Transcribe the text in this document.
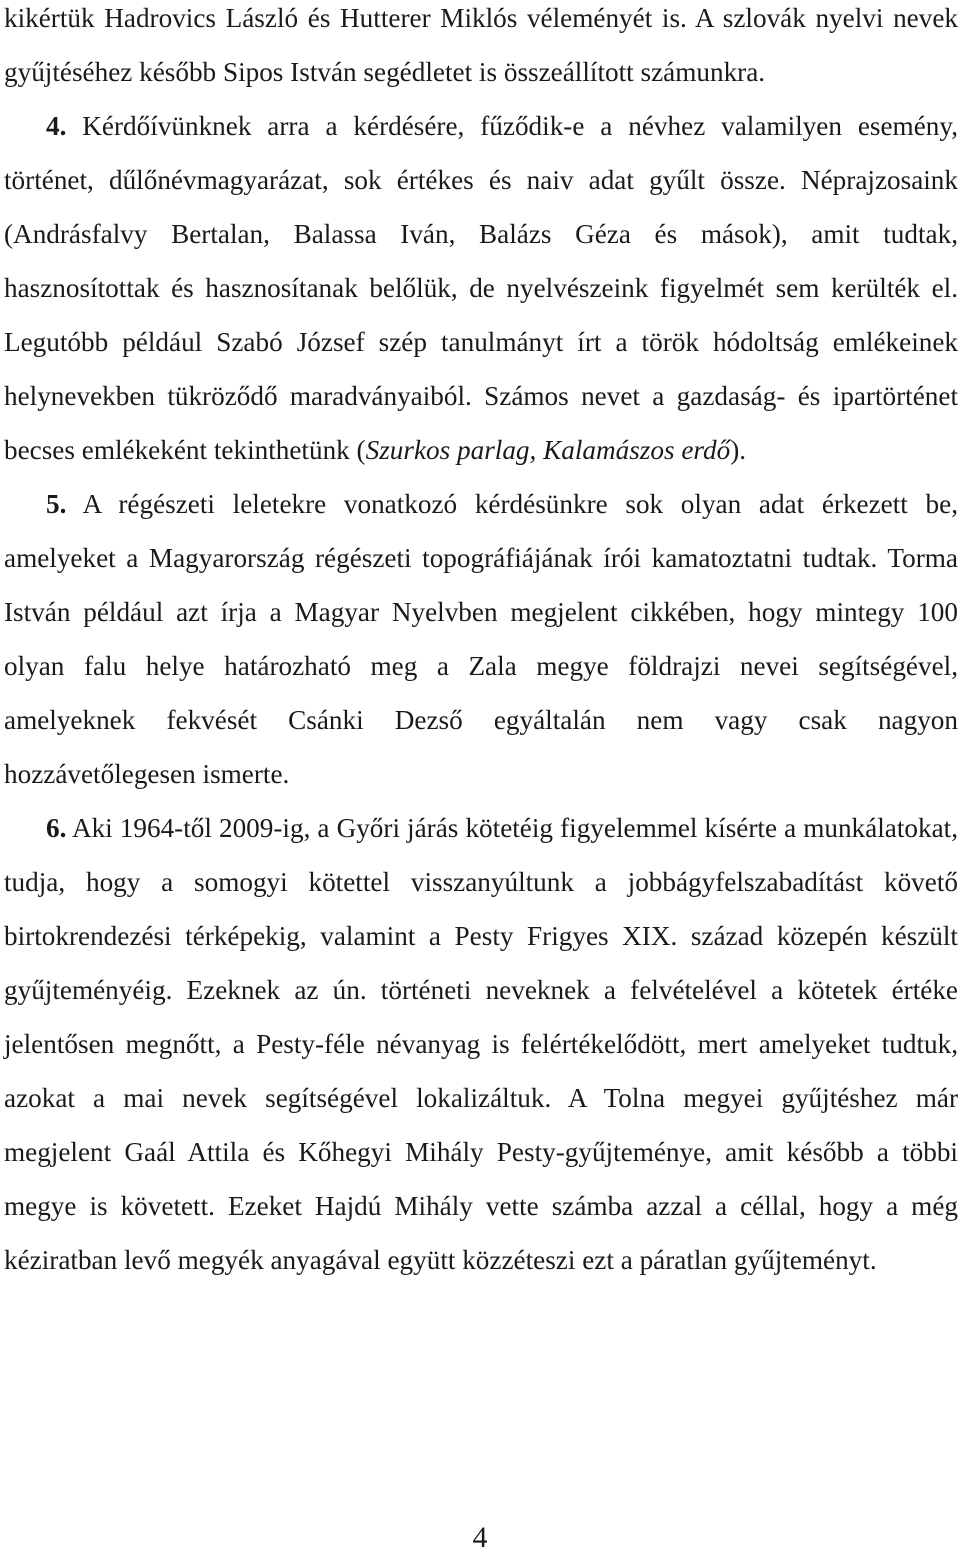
kikértük Hadrovics László és Hutterer Miklós véleményét is. A szlovák nyelvi nevek gyűjtéséhez később Sipos István segédletet is összeállított számunkra.

4. Kérdőívünknek arra a kérdésére, fűződik-e a névhez valamilyen esemény, történet, dűlőnévmagyarázat, sok értékes és naiv adat gyűlt össze. Néprajzosaink (Andrásfalvy Bertalan, Balassa Iván, Balázs Géza és mások), amit tudtak, hasznosítottak és hasznosítanak belőlük, de nyelvészeink figyelmét sem kerülték el. Legutóbb például Szabó József szép tanulmányt írt a török hódoltság emlékeinek helynevekben tükröződő maradványaiból. Számos nevet a gazdaság- és ipartörténet becses emlékeként tekinthetünk (Szurkos parlag, Kalamászos erdő).

5. A régészeti leletekre vonatkozó kérdésünkre sok olyan adat érkezett be, amelyeket a Magyarország régészeti topográfiájának írói kamatoztatni tudtak. Torma István például azt írja a Magyar Nyelvben megjelent cikkében, hogy mintegy 100 olyan falu helye határozható meg a Zala megye földrajzi nevei segítségével, amelyeknek fekvését Csánki Dezső egyáltalán nem vagy csak nagyon hozzávetőlegesen ismerte.

6. Aki 1964-től 2009-ig, a Győri járás kötetéig figyelemmel kísérte a munkálatokat, tudja, hogy a somogyi kötettel visszanyúltunk a jobbágyfelszabadítást követő birtokrendezési térképekig, valamint a Pesty Frigyes XIX. század közepén készült gyűjteményéig. Ezeknek az ún. történeti neveknek a felvételével a kötetek értéke jelentősen megnőtt, a Pesty-féle névanyag is felértékelődött, mert amelyeket tudtuk, azokat a mai nevek segítségével lokalizáltuk. A Tolna megyei gyűjtéshez már megjelent Gaál Attila és Kőhegyi Mihály Pesty-gyűjteménye, amit később a többi megye is követett. Ezeket Hajdú Mihály vette számba azzal a céllal, hogy a még kéziratban levő megyék anyagával együtt közzéteszi ezt a páratlan gyűjteményt.

4
